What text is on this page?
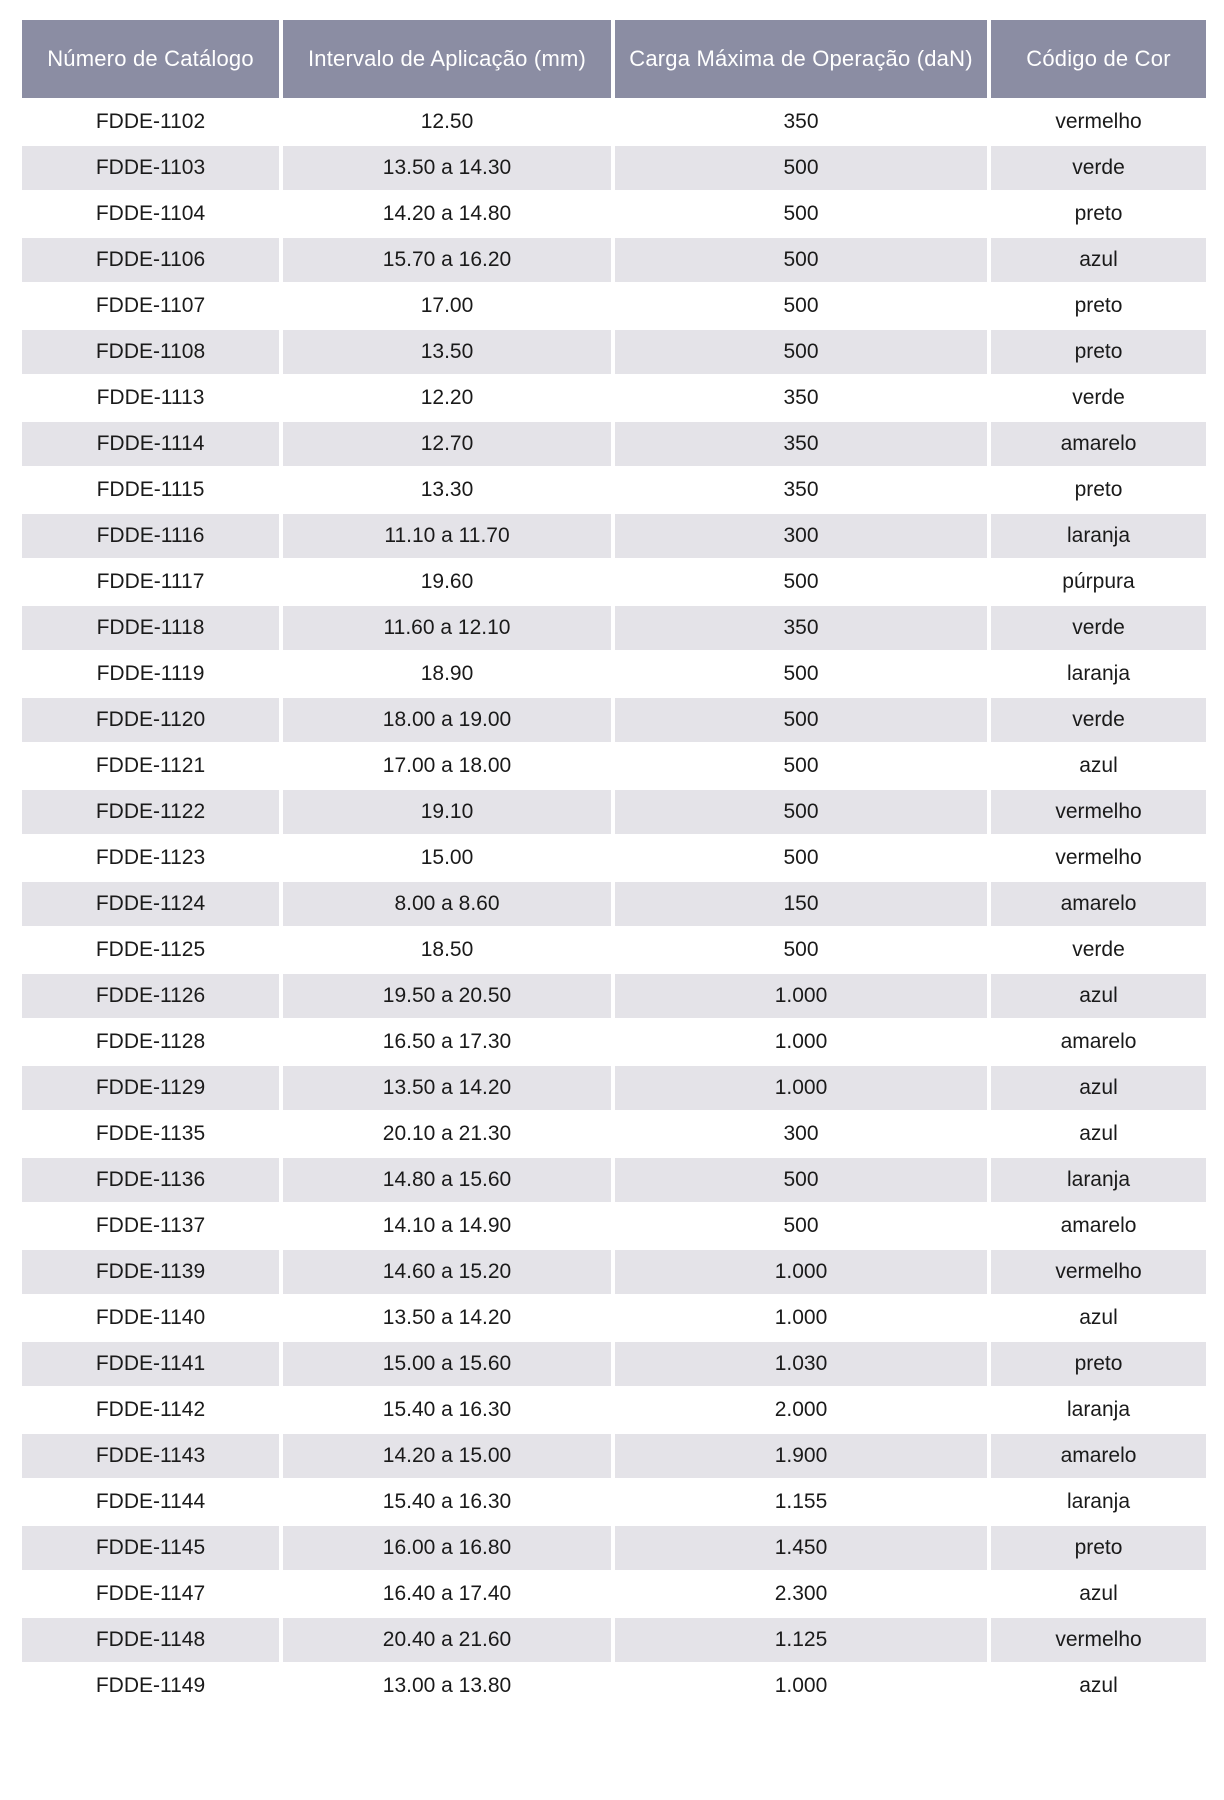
Número de Catálogo	Intervalo de Aplicação (mm)	Carga Máxima de Operação (daN)	Código de Cor
FDDE-1102	12.50	350	vermelho
FDDE-1103	13.50 a 14.30	500	verde
FDDE-1104	14.20 a 14.80	500	preto
FDDE-1106	15.70 a 16.20	500	azul
FDDE-1107	17.00	500	preto
FDDE-1108	13.50	500	preto
FDDE-1113	12.20	350	verde
FDDE-1114	12.70	350	amarelo
FDDE-1115	13.30	350	preto
FDDE-1116	11.10 a 11.70	300	laranja
FDDE-1117	19.60	500	púrpura
FDDE-1118	11.60 a 12.10	350	verde
FDDE-1119	18.90	500	laranja
FDDE-1120	18.00 a 19.00	500	verde
FDDE-1121	17.00 a 18.00	500	azul
FDDE-1122	19.10	500	vermelho
FDDE-1123	15.00	500	vermelho
FDDE-1124	8.00 a 8.60	150	amarelo
FDDE-1125	18.50	500	verde
FDDE-1126	19.50 a 20.50	1.000	azul
FDDE-1128	16.50 a 17.30	1.000	amarelo
FDDE-1129	13.50 a 14.20	1.000	azul
FDDE-1135	20.10 a 21.30	300	azul
FDDE-1136	14.80 a 15.60	500	laranja
FDDE-1137	14.10 a 14.90	500	amarelo
FDDE-1139	14.60 a 15.20	1.000	vermelho
FDDE-1140	13.50 a 14.20	1.000	azul
FDDE-1141	15.00 a 15.60	1.030	preto
FDDE-1142	15.40 a 16.30	2.000	laranja
FDDE-1143	14.20 a 15.00	1.900	amarelo
FDDE-1144	15.40 a 16.30	1.155	laranja
FDDE-1145	16.00 a 16.80	1.450	preto
FDDE-1147	16.40 a 17.40	2.300	azul
FDDE-1148	20.40 a 21.60	1.125	vermelho
FDDE-1149	13.00 a 13.80	1.000	azul
